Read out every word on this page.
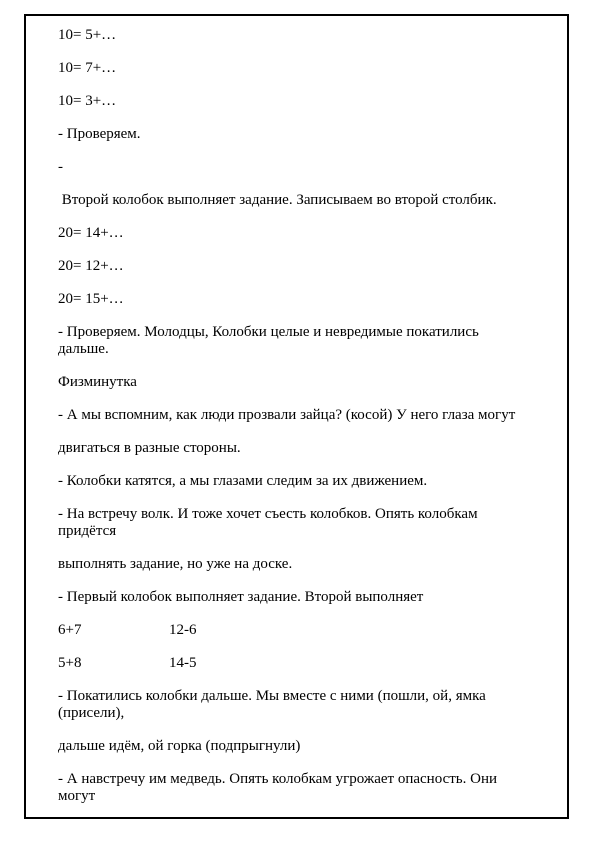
10= 5+…

10= 7+…

10= 3+…

- Проверяем.

-

Второй колобок выполняет задание. Записываем во второй столбик.

20= 14+…

20= 12+…

20= 15+…

- Проверяем. Молодцы, Колобки целые и невредимые покатились

дальше.

Физминутка

- А мы вспомним, как люди прозвали зайца? (косой) У него глаза могут

двигаться в разные стороны.

- Колобки катятся, а мы глазами следим за их движением.

- На встречу волк. И тоже хочет съесть колобков. Опять колобкам

придётся

выполнять задание, но уже на доске.

- Первый колобок выполняет задание. Второй выполняет

6+7	12-6
5+8	14-5

- Покатились колобки дальше. Мы вместе с ними (пошли, ой, ямка

(присели),

дальше идём, ой горка (подпрыгнули)

- А навстречу им медведь. Опять колобкам угрожает опасность. Они

могут
